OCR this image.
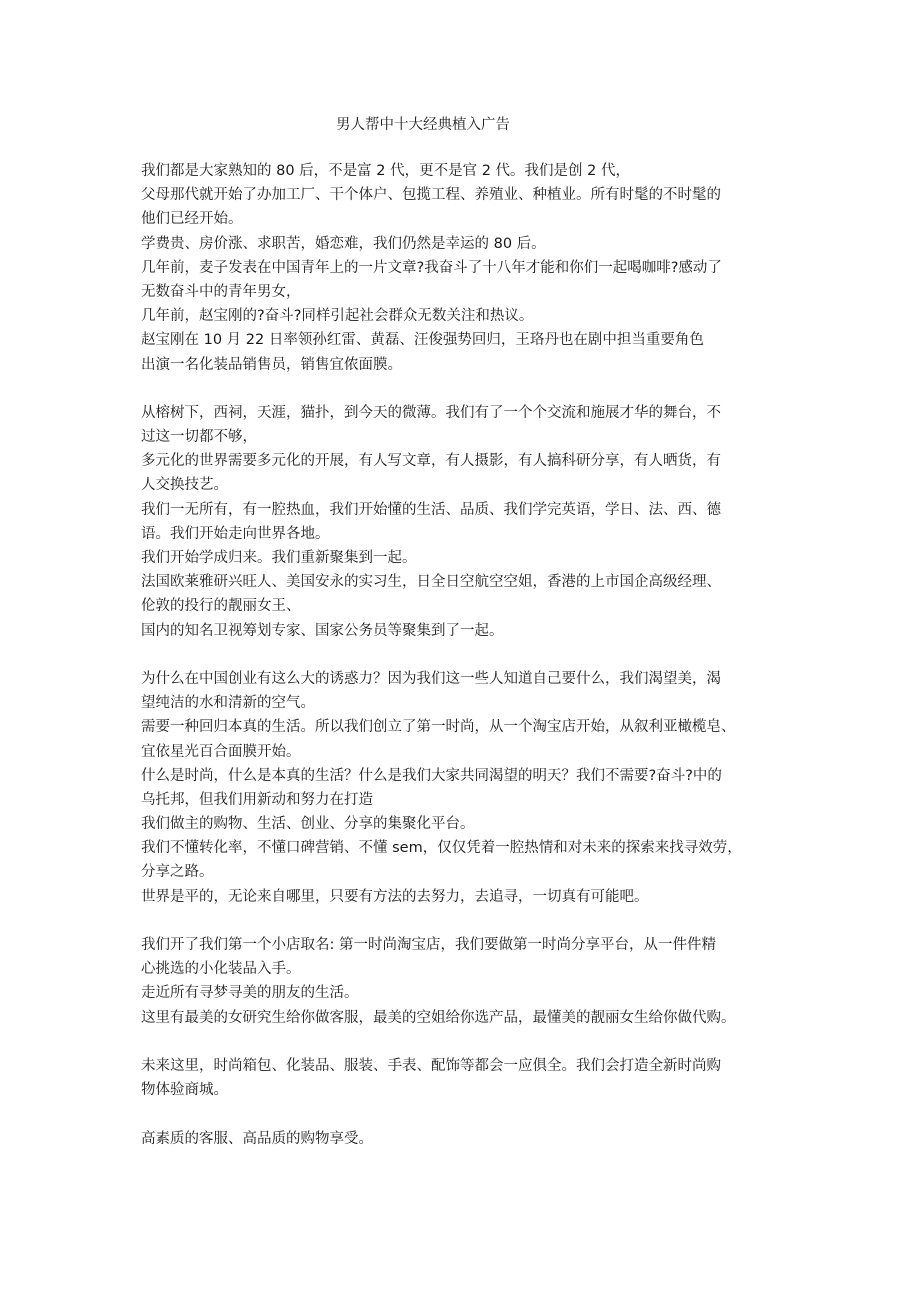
男人帮中十大经典植入广告
我们都是大家熟知的 80 后，不是富 2 代，更不是官 2 代。我们是创 2 代，
父母那代就开始了办加工厂、干个体户、包揽工程、养殖业、种植业。所有时髦的不时髦的
他们已经开始。
学费贵、房价涨、求职苦，婚恋难，我们仍然是幸运的 80 后。
几年前，麦子发表在中国青年上的一片文章?我奋斗了十八年才能和你们一起喝咖啡?感动了
无数奋斗中的青年男女，
几年前，赵宝刚的?奋斗?同样引起社会群众无数关注和热议。
赵宝刚在 10 月 22 日率领孙红雷、黄磊、汪俊强势回归，王珞丹也在剧中担当重要角色
出演一名化装品销售员，销售宜侬面膜。
从榕树下，西祠，天涯，猫扑，到今天的微薄。我们有了一个个交流和施展才华的舞台，不
过这一切都不够，
多元化的世界需要多元化的开展，有人写文章，有人摄影，有人搞科研分享，有人晒货，有
人交换技艺。
我们一无所有，有一腔热血，我们开始懂的生活、品质、我们学完英语，学日、法、西、德
语。我们开始走向世界各地。
我们开始学成归来。我们重新聚集到一起。
法国欧莱雅研兴旺人、美国安永的实习生，日全日空航空空姐，香港的上市国企高级经理、
伦敦的投行的靓丽女王、
国内的知名卫视筹划专家、国家公务员等聚集到了一起。
为什么在中国创业有这么大的诱惑力？因为我们这一些人知道自己要什么，我们渴望美，渴
望纯洁的水和清新的空气。
需要一种回归本真的生活。所以我们创立了第一时尚，从一个淘宝店开始，从叙利亚橄榄皂、
宜依星光百合面膜开始。
什么是时尚，什么是本真的生活？什么是我们大家共同渴望的明天？我们不需要?奋斗?中的
乌托邦，但我们用新动和努力在打造
我们做主的购物、生活、创业、分享的集聚化平台。
我们不懂转化率，不懂口碑营销、不懂 sem，仅仅凭着一腔热情和对未来的探索来找寻效劳，
分享之路。
世界是平的，无论来自哪里，只要有方法的去努力，去追寻，一切真有可能吧。
我们开了我们第一个小店取名: 第一时尚淘宝店，我们要做第一时尚分享平台，从一件件精
心挑选的小化装品入手。
走近所有寻梦寻美的朋友的生活。
这里有最美的女研究生给你做客服，最美的空姐给你选产品，最懂美的靓丽女生给你做代购。
未来这里，时尚箱包、化装品、服装、手表、配饰等都会一应俱全。我们会打造全新时尚购
物体验商城。
高素质的客服、高品质的购物享受。
